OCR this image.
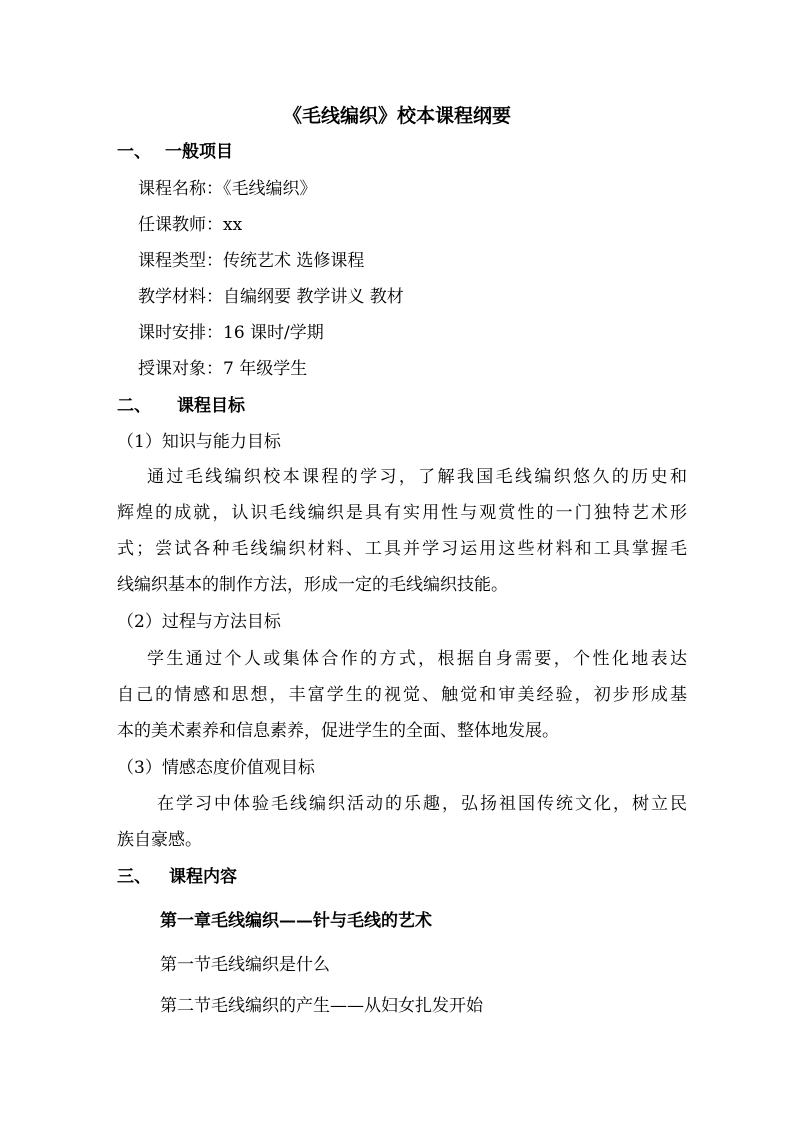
《毛线编织》校本课程纲要
一、 一般项目
课程名称：《毛线编织》
任课教师：xx
课程类型：传统艺术 选修课程
教学材料：自编纲要 教学讲义 教材
课时安排：16 课时/学期
授课对象：7 年级学生
二、 课程目标
（1）知识与能力目标
通过毛线编织校本课程的学习，了解我国毛线编织悠久的历史和
辉煌的成就，认识毛线编织是具有实用性与观赏性的一门独特艺术形
式；尝试各种毛线编织材料、工具并学习运用这些材料和工具掌握毛
线编织基本的制作方法，形成一定的毛线编织技能。
（2）过程与方法目标
学生通过个人或集体合作的方式，根据自身需要，个性化地表达
自己的情感和思想，丰富学生的视觉、触觉和审美经验，初步形成基
本的美术素养和信息素养，促进学生的全面、整体地发展。
（3）情感态度价值观目标
在学习中体验毛线编织活动的乐趣，弘扬祖国传统文化，树立民
族自豪感。
三、 课程内容
第一章毛线编织——针与毛线的艺术
第一节毛线编织是什么
第二节毛线编织的产生——从妇女扎发开始
